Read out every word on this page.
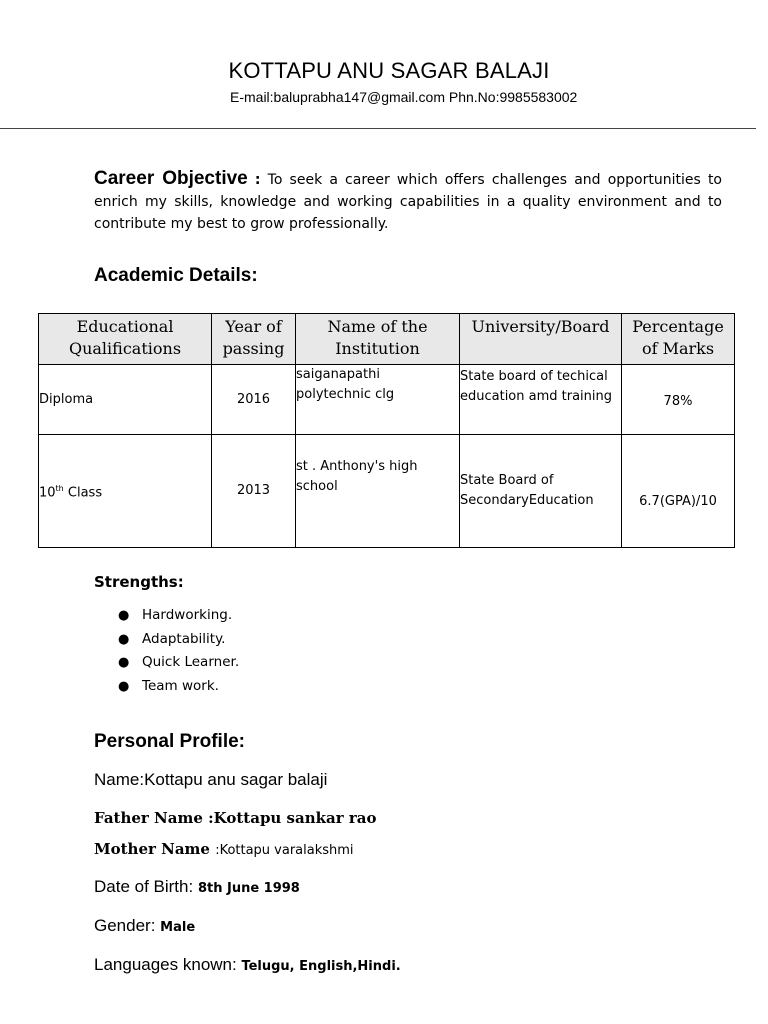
KOTTAPU ANU SAGAR BALAJI
E-mail:baluprabha147@gmail.com Phn.No:9985583002
Career Objective : To seek a career which offers challenges and opportunities to enrich my skills, knowledge and working capabilities in a quality environment and to contribute my best to grow professionally.
Academic Details:
Educational Qualifications	Year of passing	Name of the Institution	University/Board	Percentage of Marks
Diploma	2016	saiganapathi polytechnic clg	State board of techical education amd training	78%
10th Class	2013	st . Anthony's high school	State Board of SecondaryEducation	6.7(GPA)/10
Strengths:
● Hardworking.
● Adaptability.
● Quick Learner.
● Team work.
Personal Profile:
Name:Kottapu anu sagar balaji
Father Name :Kottapu sankar rao
Mother Name :Kottapu varalakshmi
Date of Birth: 8th June 1998
Gender: Male
Languages known: Telugu, English,Hindi.
